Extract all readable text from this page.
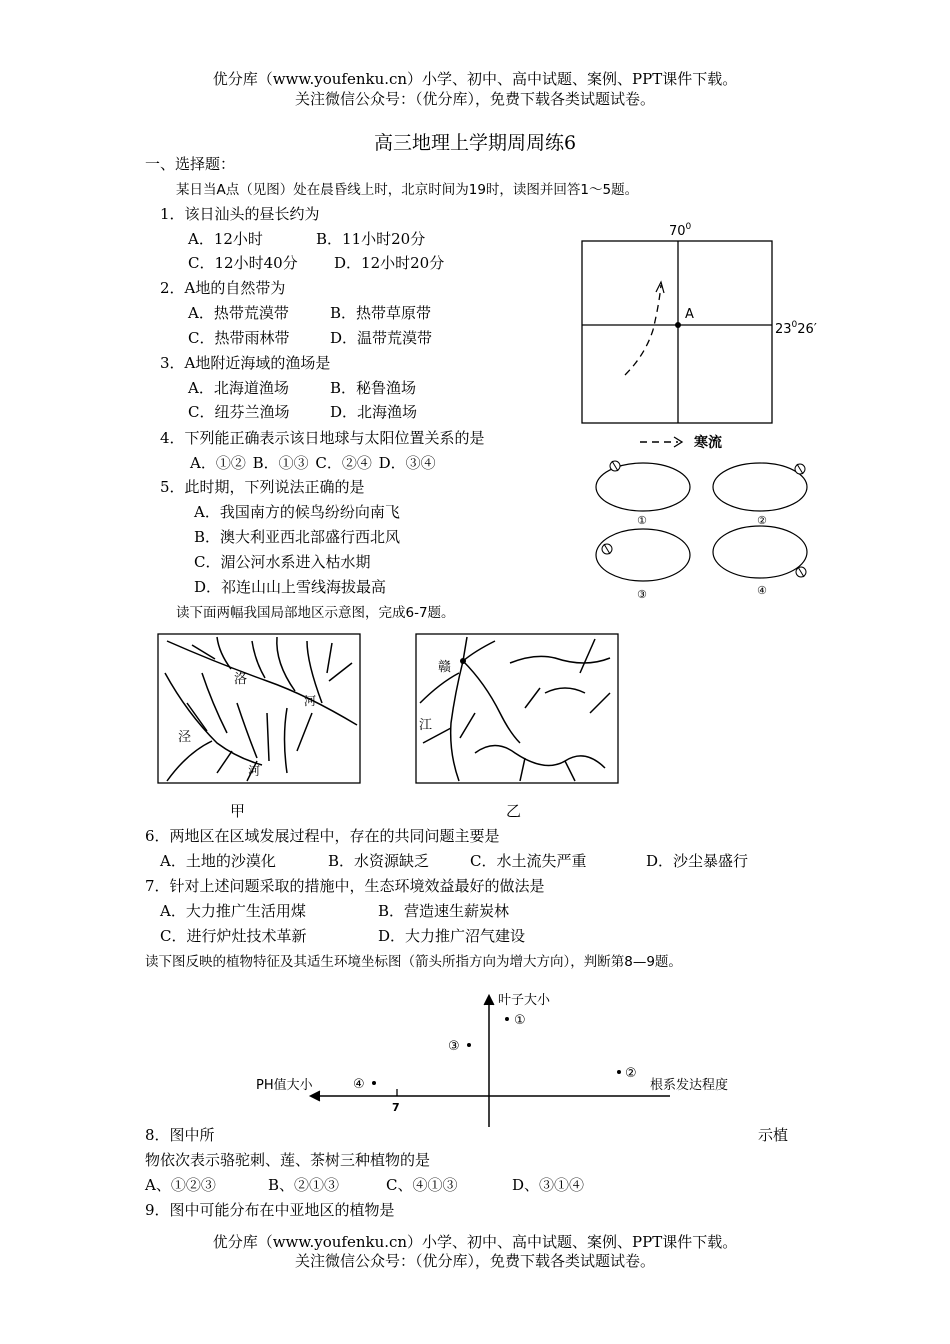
优分库（www.youfenku.cn）小学、初中、高中试题、案例、PPT课件下载。
关注微信公众号：（优分库），免费下载各类试题试卷。
高三地理上学期周周练6
一、选择题：
某日当A点（见图）处在晨昏线上时，北京时间为19时，读图并回答1～5题。
1．该日汕头的昼长约为
A．12小时	B．11小时20分
C．12小时40分 D．12小时20分
2．A地的自然带为
A．热带荒漠带	B．热带草原带
C．热带雨林带	D．温带荒漠带
3．A地附近海域的渔场是
A．北海道渔场	B．秘鲁渔场
C．纽芬兰渔场	D．北海渔场
4．下列能正确表示该日地球与太阳位置关系的是
A．①② B．①③ C．②④ D．③④
5．此时期，下列说法正确的是
A．我国南方的候鸟纷纷向南飞
B．澳大利亚西北部盛行西北风
C．湄公河水系进入枯水期
D．祁连山山上雪线海拔最高
读下面两幅我国局部地区示意图，完成6-7题。
$70^0$
A
$23^026'$
寒流
①	②
③	④
洛
河
泾
河
甲
赣
江
乙
6．两地区在区域发展过程中，存在的共同问题主要是
A．土地的沙漠化	B．水资源缺乏	C．水土流失严重	D．沙尘暴盛行
7．针对上述问题采取的措施中，生态环境效益最好的做法是
A．大力推广生活用煤	B．营造速生薪炭林
C．进行炉灶技术革新	D．大力推广沼气建设
读下图反映的植物特征及其适生环境坐标图（箭头所指方向为增大方向），判断第8—9题。
7
叶子大小
PH值大小	根系发达程度
①
②
③
④
8．图中所	示植
物依次表示骆驼刺、莲、茶树三种植物的是
A、①②③	B、②①③	C、④①③	D、③①④
9．图中可能分布在中亚地区的植物是
优分库（www.youfenku.cn）小学、初中、高中试题、案例、PPT课件下载。
关注微信公众号：（优分库），免费下载各类试题试卷。
